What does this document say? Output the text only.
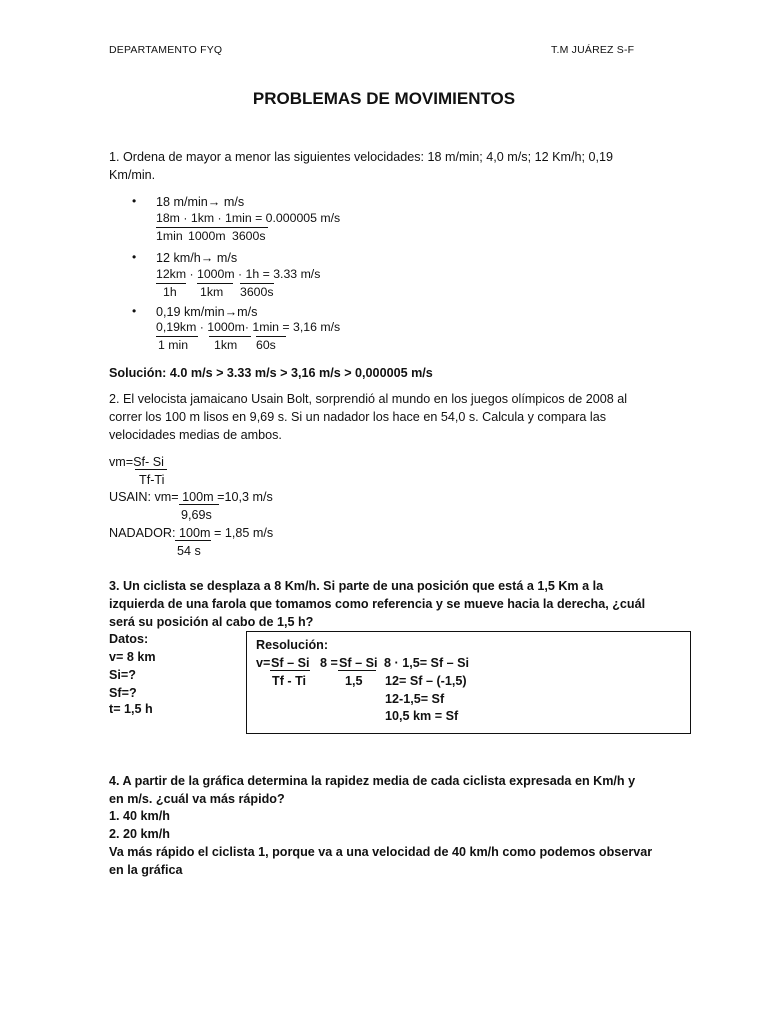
DEPARTAMENTO FYQ	T.M JUÁREZ S-F
PROBLEMAS DE MOVIMIENTOS
1. Ordena de mayor a menor las siguientes velocidades: 18 m/min; 4,0 m/s; 12 Km/h; 0,19 Km/min.
• 18 m/min→ m/s
18m · 1km · 1min = 0.000005 m/s
1min 1000m 3600s
• 12 km/h→ m/s
12km · 1000m · 1h = 3.33 m/s
1h 1km 3600s
• 0,19 km/min→m/s
0,19km · 1000m· 1min = 3,16 m/s
1 min 1km 60s
Solución: 4.0 m/s > 3.33 m/s > 3,16 m/s > 0,000005 m/s
2. El velocista jamaicano Usain Bolt, sorprendió al mundo en los juegos olímpicos de 2008 al correr los 100 m lisos en 9,69 s. Si un nadador los hace en 54,0 s. Calcula y compara las velocidades medias de ambos.
vm=Sf- Si
Tf-Ti
USAIN: vm= 100m =10,3 m/s
9,69s
NADADOR: 100m = 1,85 m/s
54 s
3. Un ciclista se desplaza a 8 Km/h. Si parte de una posición que está a 1,5 Km a la izquierda de una farola que tomamos como referencia y se mueve hacia la derecha, ¿cuál será su posición al cabo de 1,5 h?
Datos:
v= 8 km
Si=?
Sf=?
t= 1,5 h
Resolución:
v= Sf – Si 8 = Sf – Si 8 · 1,5= Sf – Si
Tf - Ti	1,5 12= Sf – (-1,5)
12-1,5= Sf
10,5 km = Sf
4. A partir de la gráfica determina la rapidez media de cada ciclista expresada en Km/h y en m/s. ¿cuál va más rápido?
1. 40 km/h
2. 20 km/h
Va más rápido el ciclista 1, porque va a una velocidad de 40 km/h como podemos observar en la gráfica
